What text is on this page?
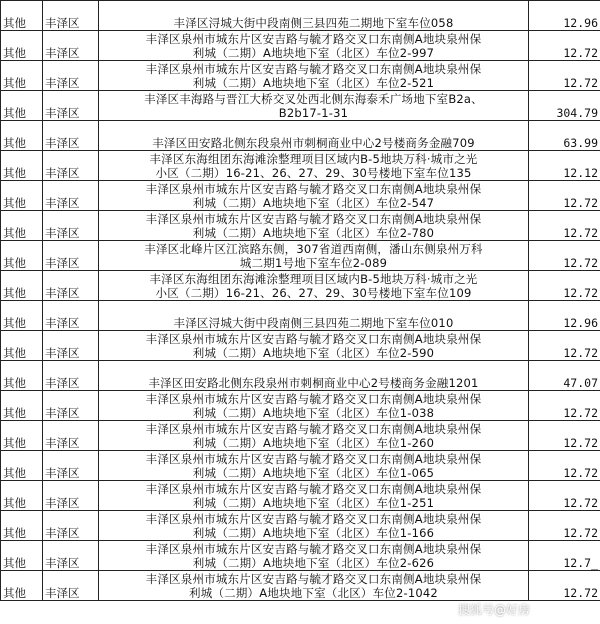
其他	丰泽区	丰泽区浔城大街中段南侧三县四苑二期地下室车位058	12.96
其他	丰泽区	丰泽区泉州市城东片区安吉路与毓才路交叉口东南侧A地块泉州保
利城（二期）A地块地下室（北区）车位2-997	12.72
其他	丰泽区	丰泽区泉州市城东片区安吉路与毓才路交叉口东南侧A地块泉州保
利城（二期）A地块地下室（北区）车位2-521	12.72
其他	丰泽区	丰泽区丰海路与晋江大桥交叉处西北侧东海泰禾广场地下室B2a、
B2b17-1-31	304.79
其他	丰泽区	丰泽区田安路北侧东段泉州市刺桐商业中心2号楼商务金融709	63.99
其他	丰泽区	丰泽区东海组团东海滩涂整理项目区域内B-5地块万科·城市之光
小区（二期）16-21、26、27、29、30号楼地下室车位135	12.12
其他	丰泽区	丰泽区泉州市城东片区安吉路与毓才路交叉口东南侧A地块泉州保
利城（二期）A地块地下室（北区）车位2-547	12.72
其他	丰泽区	丰泽区泉州市城东片区安吉路与毓才路交叉口东南侧A地块泉州保
利城（二期）A地块地下室（北区）车位2-780	12.72
其他	丰泽区	丰泽区北峰片区江滨路东侧，307省道西南侧，潘山东侧泉州万科
城二期1号地下室车位2-089	12.72
其他	丰泽区	丰泽区东海组团东海滩涂整理项目区域内B-5地块万科·城市之光
小区（二期）16-21、26、27、29、30号楼地下室车位109	12.72
其他	丰泽区	丰泽区浔城大街中段南侧三县四苑二期地下室车位010	12.96
其他	丰泽区	丰泽区泉州市城东片区安吉路与毓才路交叉口东南侧A地块泉州保
利城（二期）A地块地下室（北区）车位2-590	12.72
其他	丰泽区	丰泽区田安路北侧东段泉州市刺桐商业中心2号楼商务金融1201	47.07
其他	丰泽区	丰泽区泉州市城东片区安吉路与毓才路交叉口东南侧A地块泉州保
利城（二期）A地块地下室（北区）车位1-038	12.72
其他	丰泽区	丰泽区泉州市城东片区安吉路与毓才路交叉口东南侧A地块泉州保
利城（二期）A地块地下室（北区）车位1-260	12.72
其他	丰泽区	丰泽区泉州市城东片区安吉路与毓才路交叉口东南侧A地块泉州保
利城（二期）A地块地下室（北区）车位1-065	12.72
其他	丰泽区	丰泽区泉州市城东片区安吉路与毓才路交叉口东南侧A地块泉州保
利城（二期）A地块地下室（北区）车位1-251	12.72
其他	丰泽区	丰泽区泉州市城东片区安吉路与毓才路交叉口东南侧A地块泉州保
利城（二期）A地块地下室（北区）车位1-166	12.72
其他	丰泽区	丰泽区泉州市城东片区安吉路与毓才路交叉口东南侧A地块泉州保
利城（二期）A地块地下室（北区）车位2-626	12.7_
其他	丰泽区	丰泽区泉州市城东片区安吉路与毓才路交叉口东南侧A地块泉州保
利城（二期）A地块地下室（北区）车位2-1042	12.72
搜狐号@好房
